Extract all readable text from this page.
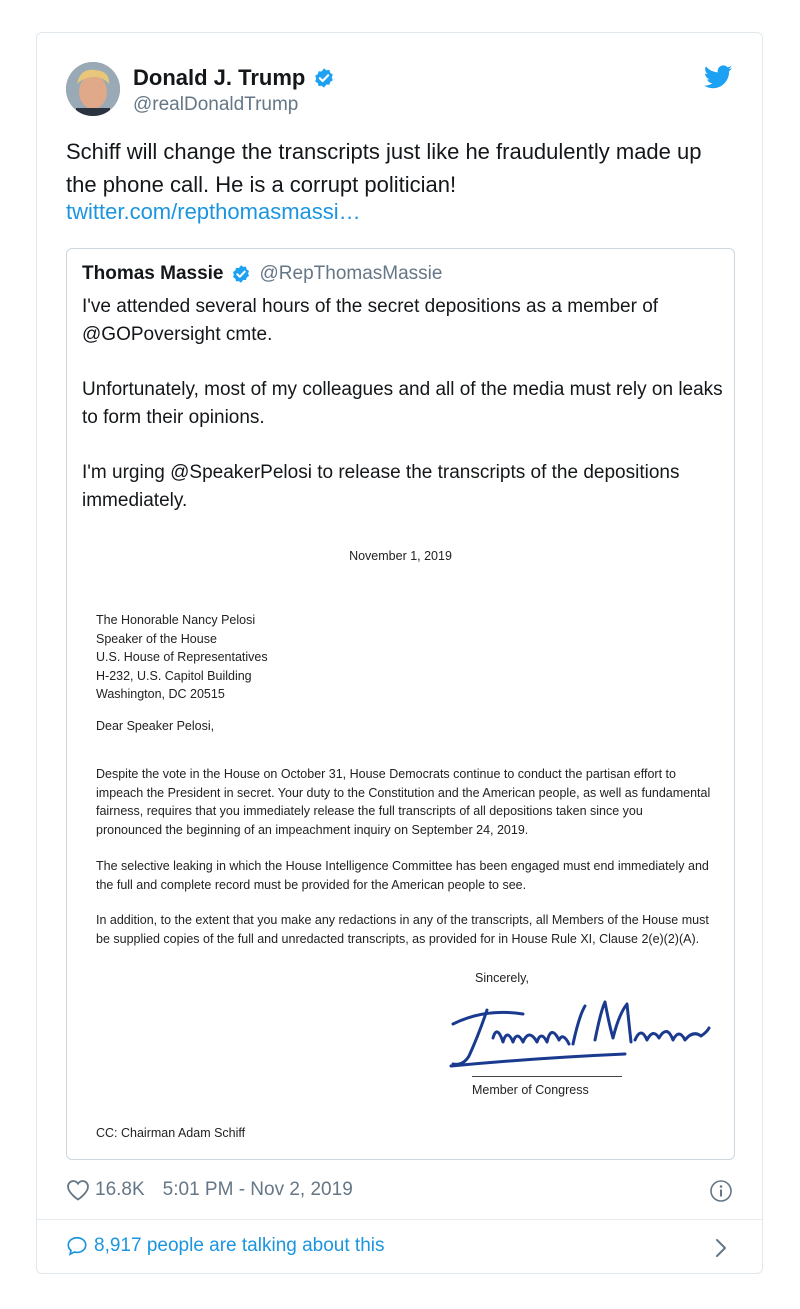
Donald J. Trump
@realDonaldTrump
Schiff will change the transcripts just like he fraudulently made up the phone call. He is a corrupt politician!
twitter.com/repthomasmassi…
Thomas Massie @RepThomasMassie

I've attended several hours of the secret depositions as a member of @GOPoversight cmte.

Unfortunately, most of my colleagues and all of the media must rely on leaks to form their opinions.

I'm urging @SpeakerPelosi to release the transcripts of the depositions immediately.

November 1, 2019
The Honorable Nancy Pelosi
Speaker of the House
U.S. House of Representatives
H-232, U.S. Capitol Building
Washington, DC 20515
Dear Speaker Pelosi,
Despite the vote in the House on October 31, House Democrats continue to conduct the partisan effort to impeach the President in secret. Your duty to the Constitution and the American people, as well as fundamental fairness, requires that you immediately release the full transcripts of all depositions taken since you pronounced the beginning of an impeachment inquiry on September 24, 2019.
The selective leaking in which the House Intelligence Committee has been engaged must end immediately and the full and complete record must be provided for the American people to see.
In addition, to the extent that you make any redactions in any of the transcripts, all Members of the House must be supplied copies of the full and unredacted transcripts, as provided for in House Rule XI, Clause 2(e)(2)(A).
Sincerely,
Member of Congress
CC: Chairman Adam Schiff
16.8K 5:01 PM - Nov 2, 2019
8,917 people are talking about this
